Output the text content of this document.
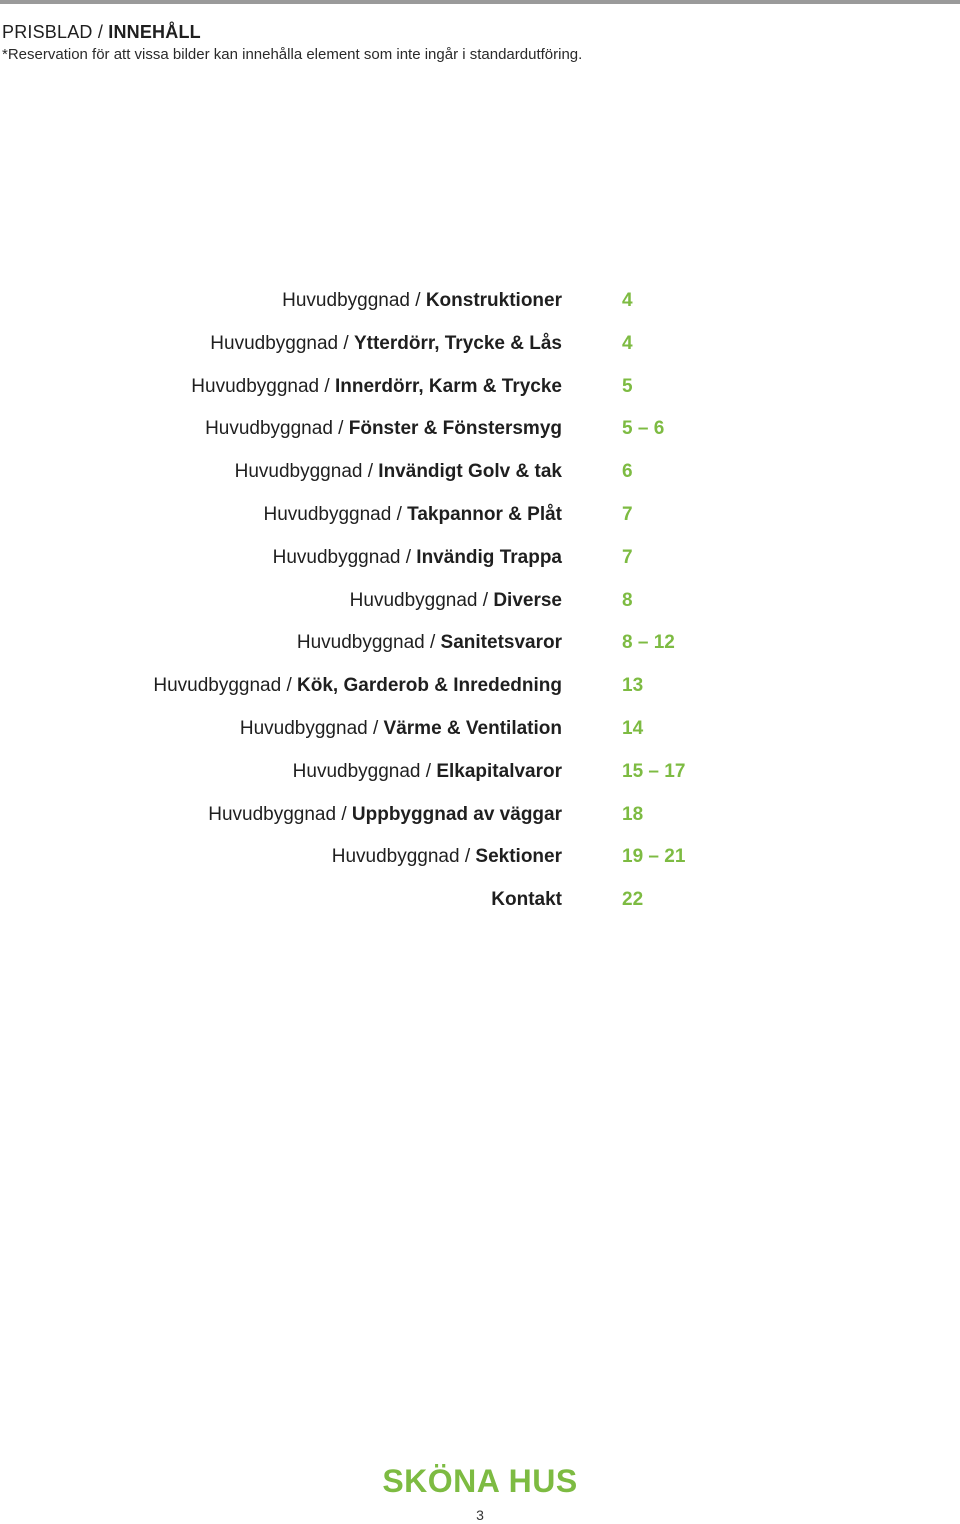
PRISBLAD / INNEHÅLL
*Reservation för att vissa bilder kan innehålla element som inte ingår i standardutföring.
Huvudbyggnad / Konstruktioner	4
Huvudbyggnad / Ytterdörr, Trycke & Lås	4
Huvudbyggnad / Innerdörr, Karm & Trycke	5
Huvudbyggnad / Fönster & Fönstersmyg	5 – 6
Huvudbyggnad / Invändigt Golv & tak	6
Huvudbyggnad / Takpannor & Plåt	7
Huvudbyggnad / Invändig Trappa	7
Huvudbyggnad / Diverse	8
Huvudbyggnad / Sanitetsvaror	8 – 12
Huvudbyggnad / Kök, Garderob & Inrededning	13
Huvudbyggnad / Värme & Ventilation	14
Huvudbyggnad / Elkapitalvaror	15 – 17
Huvudbyggnad / Uppbyggnad av väggar	18
Huvudbyggnad / Sektioner	19 – 21
Kontakt	22
SKÖNA HUS
3
